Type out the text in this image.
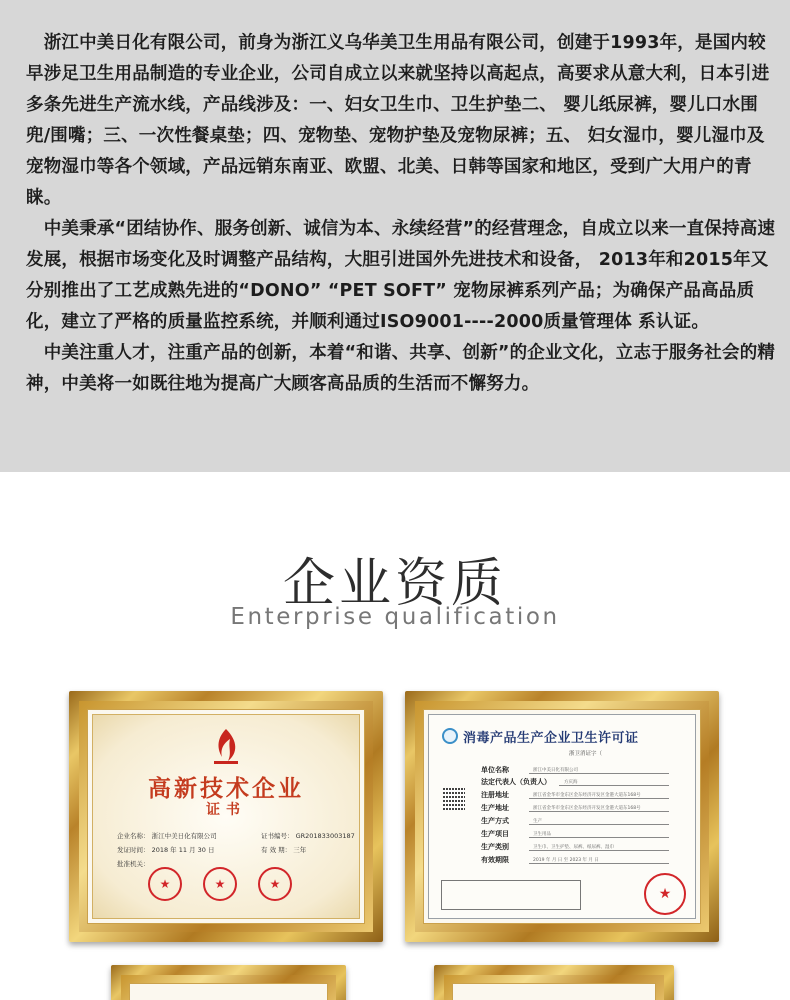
　浙江中美日化有限公司，前身为浙江义乌华美卫生用品有限公司，创建于1993年，是国内较早涉足卫生用品制造的专业企业，公司自成立以来就坚持以高起点，高要求从意大利，日本引进多条先进生产流水线，产品线涉及：一、妇女卫生巾、卫生护垫二、 婴儿纸尿裤，婴儿口水围兜/围嘴；三、一次性餐桌垫；四、宠物垫、宠物护垫及宠物尿裤；五、 妇女湿巾，婴儿湿巾及宠物湿巾等各个领域，产品远销东南亚、欧盟、北美、日韩等国家和地区，受到广大用户的青睐。

　中美秉承“团结协作、服务创新、诚信为本、永续经营”的经营理念，自成立以来一直保持高速发展，根据市场变化及时调整产品结构，大胆引进国外先进技术和设备， 2013年和2015年又分别推出了工艺成熟先进的“DONO” “PET SOFT” 宠物尿裤系列产品；为确保产品高品质化，建立了严格的质量监控系统，并顺利通过ISO9001----2000质量管理体 系认证。

　中美注重人才，注重产品的创新，本着“和谐、共享、创新”的企业文化，立志于服务社会的精神，中美将一如既往地为提高广大顾客高品质的生活而不懈努力。

企业资质
Enterprise qualification
高新技术企业
证书
企业名称： 浙江中美日化有限公司	证书编号： GR201833003187
发证时间： 2018 年 11 月 30 日	有 效 期： 三年
批准机关：
★
★
★
消毒产品生产企业卫生许可证
浙卫消证字（
单位名称	浙江中美日化有限公司
法定代表人（负责人）	方庆海
注册地址	浙江省金华市金东区金东经济开发区金港大道东168号
生产地址	浙江省金华市金东区金东经济开发区金港大道东168号
生产方式	生产
生产项目	卫生用品
生产类别	卫生巾、卫生护垫、尿裤、纸尿裤、湿巾
有效期限	2019 年 月 日 至 2023 年 月 日
★
